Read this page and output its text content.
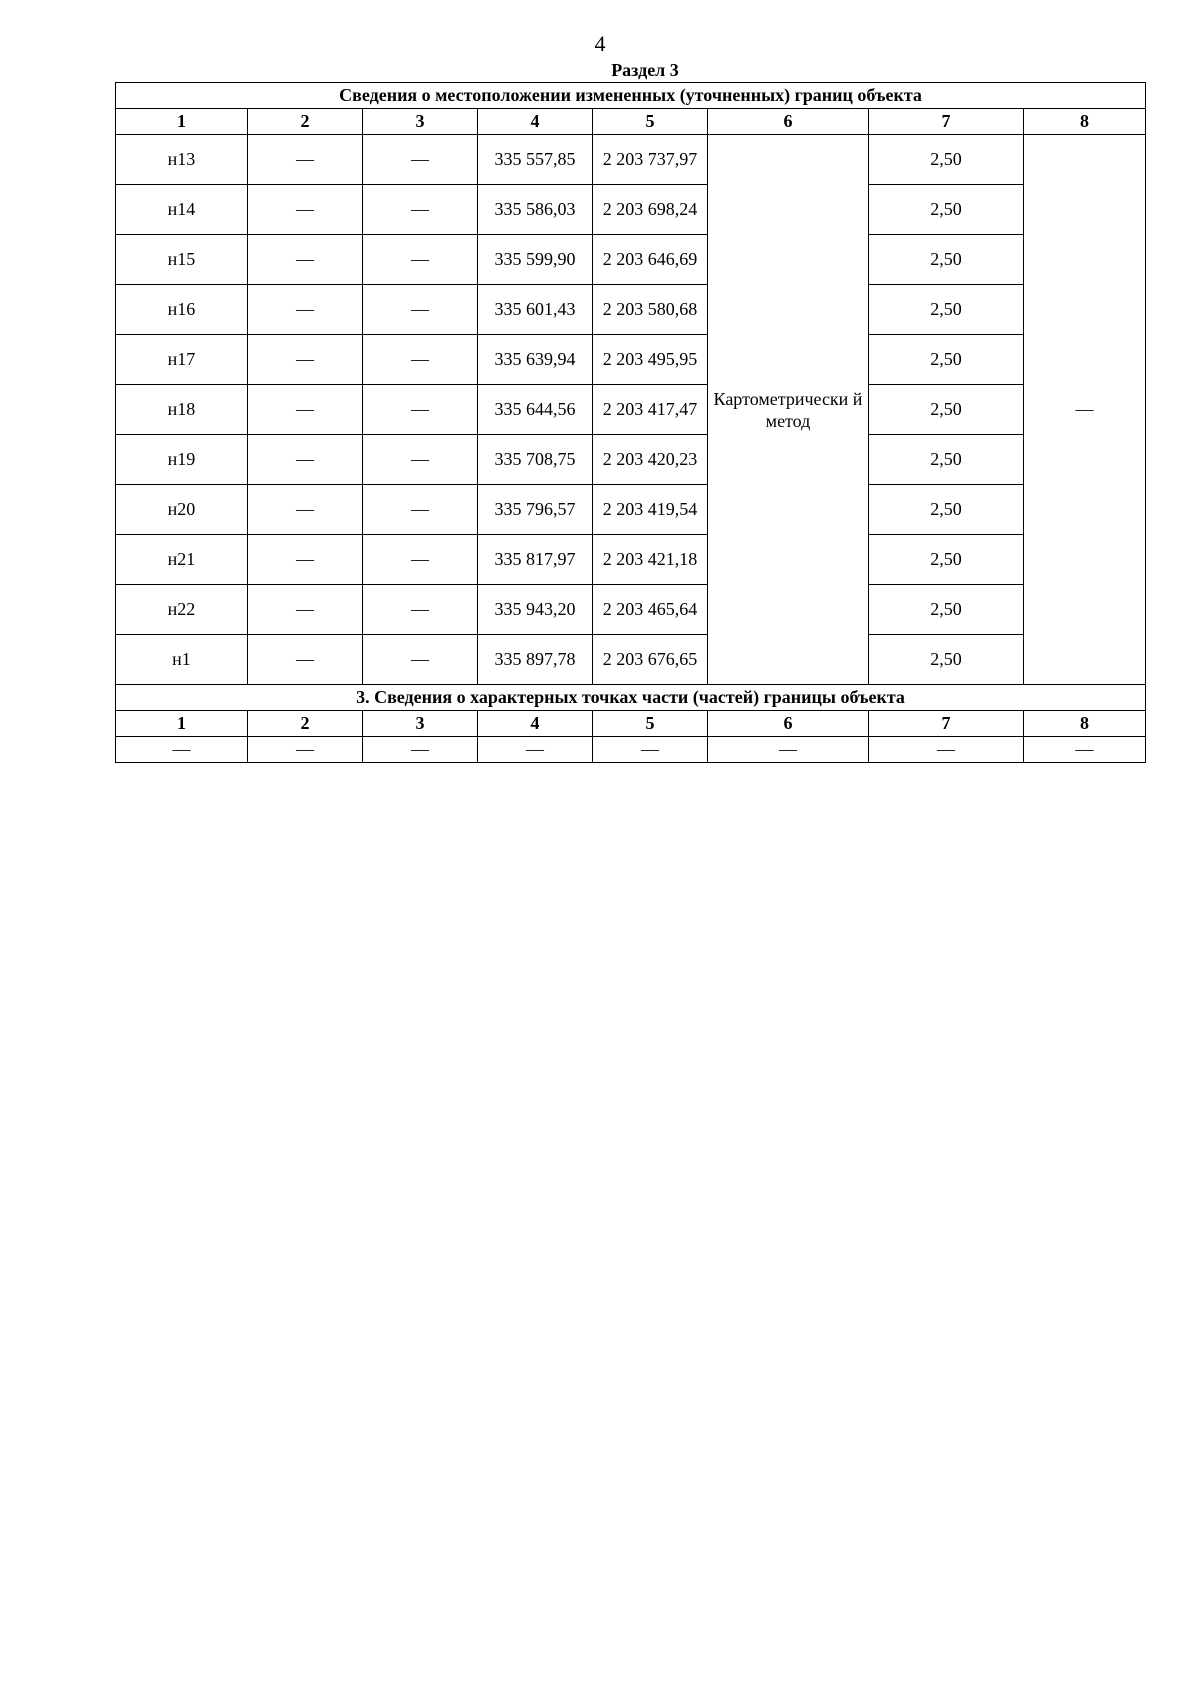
4
Раздел 3
Сведения о местоположении измененных (уточненных) границ объекта							
1	2	3	4	5	6	7	8
н13	—	—	335 557,85	2 203 737,97	Картометрически й метод	2,50	—
н14	—	—	335 586,03	2 203 698,24		2,50	
н15	—	—	335 599,90	2 203 646,69		2,50	
н16	—	—	335 601,43	2 203 580,68		2,50	
н17	—	—	335 639,94	2 203 495,95		2,50	
н18	—	—	335 644,56	2 203 417,47		2,50	
н19	—	—	335 708,75	2 203 420,23		2,50	
н20	—	—	335 796,57	2 203 419,54		2,50	
н21	—	—	335 817,97	2 203 421,18		2,50	
н22	—	—	335 943,20	2 203 465,64		2,50	
н1	—	—	335 897,78	2 203 676,65		2,50	
3. Сведения о характерных точках части (частей) границы объекта							
1	2	3	4	5	6	7	8
—	—	—	—	—	—	—	—
